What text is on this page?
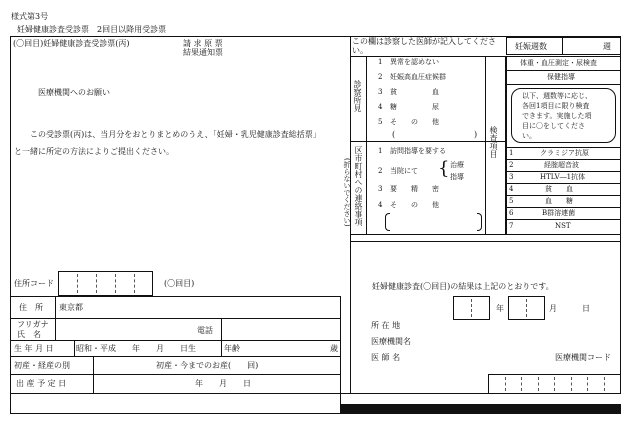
様式第3号
妊婦健康診査受診票　2回目以降用受診票
(〇回目)妊婦健康診査受診票(丙)	請 求 原 票
結果通知票
医療機関へのお願い
この受診票(丙)は、当月分をおとりまとめのうえ、「妊婦・乳児健康診査総括票」
と一緒に所定の方法によりご提出ください。
住所コード	(〇回目)
住　所 東京都
フリガナ
氏　名	電話
生 年 月 日	昭和・平成　　年　　月　　日生	年齢	歳
初産・経産の別	初産・今までのお産(　　回)
出 産 予 定 日	年　　月　　日
この欄は診察した医師が記入してくださ
い。	妊娠週数	週
診察所見
1 異常を認めない
2 妊娠高血圧症候群
3 貧　　　　　血
4 糖　　　　　尿
5 そ　　の　　他
(	)
区市町村への連絡事項
(折らないでください)
1 訪問指導を要する
2 当院にて { 治療
指導
3 要　　精　　密
4 そ　　の　　他
検査項目
体重・血圧測定・尿検査
保健指導
以下、週数等に応じ、
各回1項目に限り検査
できます。実施した項
目に〇をしてくださ
い。
1	クラミジア抗原
2	経腟超音波
3	HTLV―1抗体
4	貧　　血
5	血　　糖
6	B群溶連菌
7	NST
妊婦健康診査(〇回目)の結果は上記のとおりです。
年	月	日
所 在 地
医療機関名
医 師 名	医療機関コード
